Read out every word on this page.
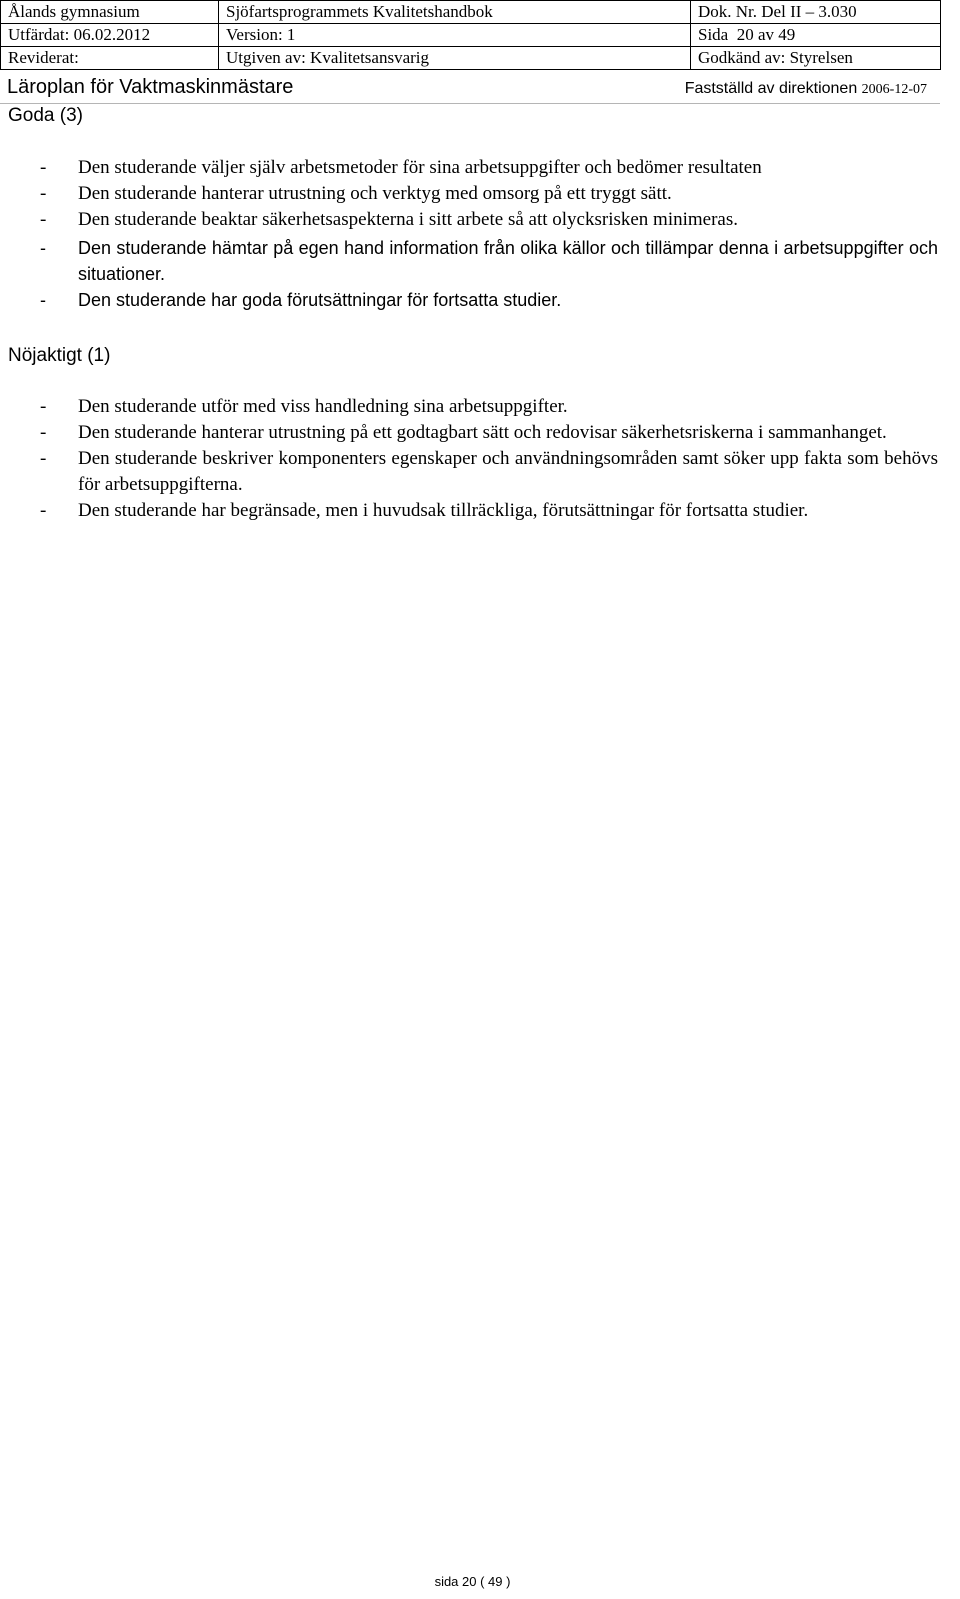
Ålands gymnasium	Sjöfartsprogrammets Kvalitetshandbok	Dok. Nr. Del II – 3.030
Utfärdat: 06.02.2012	Version: 1	Sida  20 av 49
Reviderat:	Utgiven av: Kvalitetsansvarig	Godkänd av: Styrelsen
Läroplan för Vaktmaskinmästare	Fastställd av direktionen 2006-12-07
Goda (3)
- Den studerande väljer själv arbetsmetoder för sina arbetsuppgifter och bedömer resultaten
- Den studerande hanterar utrustning och verktyg med omsorg på ett tryggt sätt.
- Den studerande beaktar säkerhetsaspekterna i sitt arbete så att olycksrisken minimeras.
- Den studerande hämtar på egen hand information från olika källor och tillämpar denna i arbetsuppgifter och situationer.
- Den studerande har goda förutsättningar för fortsatta studier.
Nöjaktigt (1)
- Den studerande utför med viss handledning sina arbetsuppgifter.
- Den studerande hanterar utrustning på ett godtagbart sätt och redovisar säkerhetsriskerna i sammanhanget.
- Den studerande beskriver komponenters egenskaper och användningsområden samt söker upp fakta som behövs för arbetsuppgifterna.
- Den studerande har begränsade, men i huvudsak tillräckliga, förutsättningar för fortsatta studier.
sida 20 ( 49 )
